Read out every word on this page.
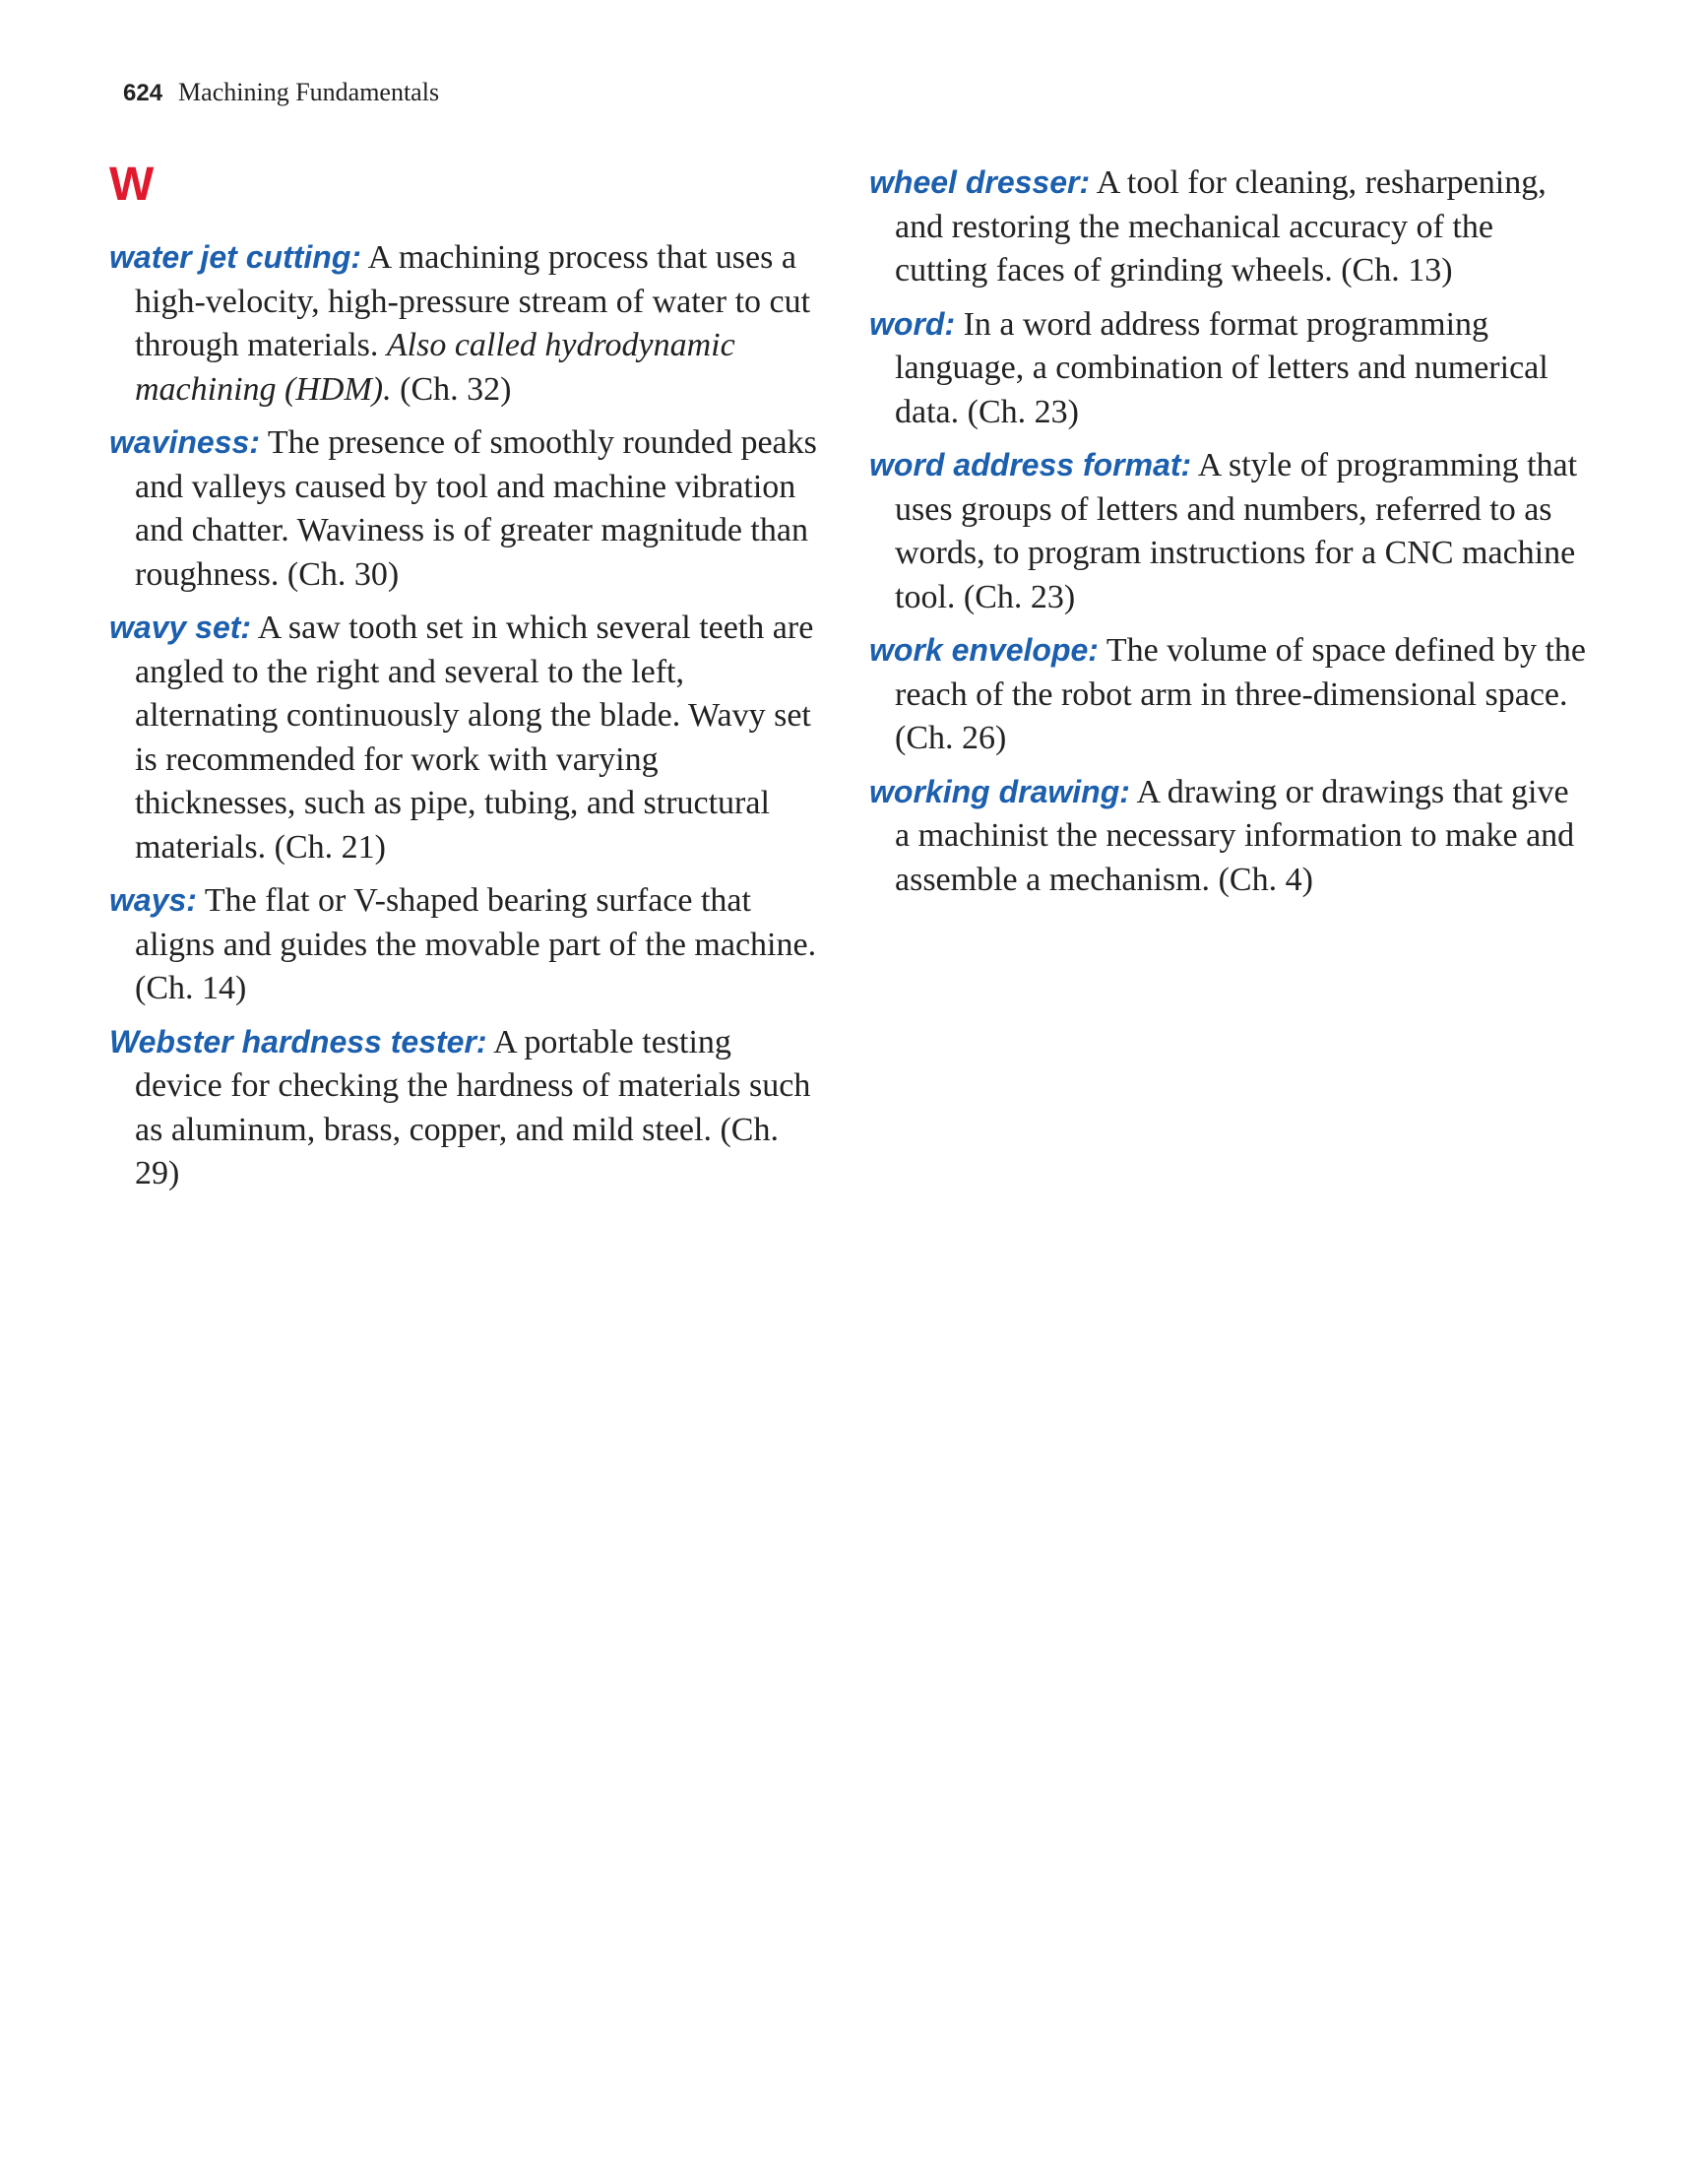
624 Machining Fundamentals
W

water jet cutting: A machining process that uses a high-velocity, high-pressure stream of water to cut through materials. Also called hydrodynamic machining (HDM). (Ch. 32)

waviness: The presence of smoothly rounded peaks and valleys caused by tool and machine vibration and chatter. Waviness is of greater magnitude than roughness. (Ch. 30)

wavy set: A saw tooth set in which several teeth are angled to the right and several to the left, alternating continuously along the blade. Wavy set is recommended for work with varying thicknesses, such as pipe, tubing, and structural materials. (Ch. 21)

ways: The flat or V-shaped bearing surface that aligns and guides the movable part of the machine. (Ch. 14)

Webster hardness tester: A portable testing device for checking the hardness of materials such as aluminum, brass, copper, and mild steel. (Ch. 29)

wheel dresser: A tool for cleaning, resharpening, and restoring the mechanical accuracy of the cutting faces of grinding wheels. (Ch. 13)

word: In a word address format programming language, a combination of letters and numerical data. (Ch. 23)

word address format: A style of programming that uses groups of letters and numbers, referred to as words, to program instructions for a CNC machine tool. (Ch. 23)

work envelope: The volume of space defined by the reach of the robot arm in three-dimensional space. (Ch. 26)

working drawing: A drawing or drawings that give a machinist the necessary information to make and assemble a mechanism. (Ch. 4)
